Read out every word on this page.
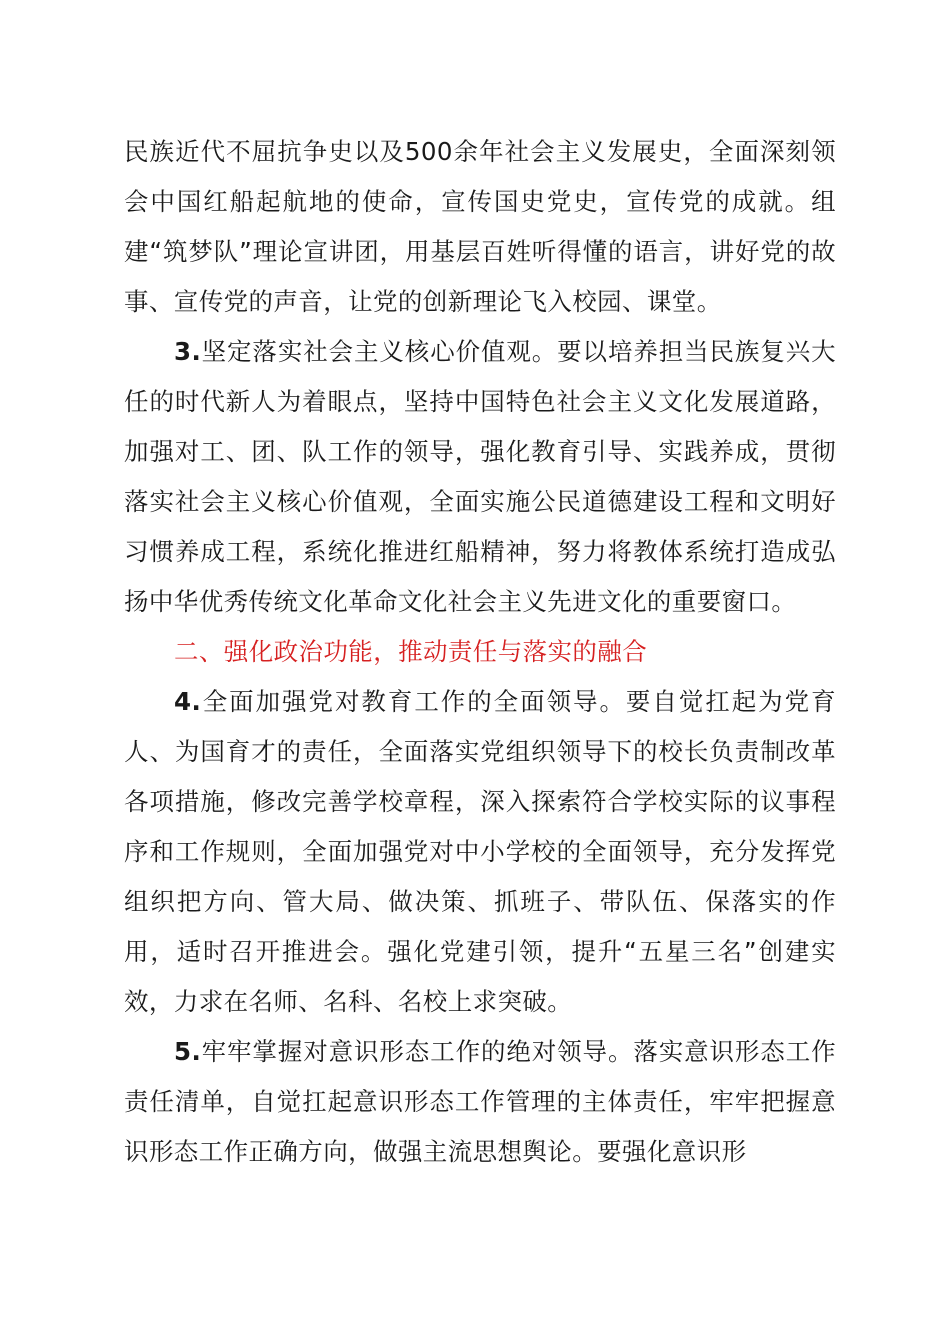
民族近代不屈抗争史以及500余年社会主义发展史，全面深刻领会中国红船起航地的使命，宣传国史党史，宣传党的成就。组建“筑梦队”理论宣讲团，用基层百姓听得懂的语言，讲好党的故事、宣传党的声音，让党的创新理论飞入校园、课堂。

3.坚定落实社会主义核心价值观。要以培养担当民族复兴大任的时代新人为着眼点，坚持中国特色社会主义文化发展道路，加强对工、团、队工作的领导，强化教育引导、实践养成，贯彻落实社会主义核心价值观，全面实施公民道德建设工程和文明好习惯养成工程，系统化推进红船精神，努力将教体系统打造成弘扬中华优秀传统文化革命文化社会主义先进文化的重要窗口。

二、强化政治功能，推动责任与落实的融合

4.全面加强党对教育工作的全面领导。要自觉扛起为党育人、为国育才的责任，全面落实党组织领导下的校长负责制改革各项措施，修改完善学校章程，深入探索符合学校实际的议事程序和工作规则，全面加强党对中小学校的全面领导，充分发挥党组织把方向、管大局、做决策、抓班子、带队伍、保落实的作用，适时召开推进会。强化党建引领，提升“五星三名”创建实效，力求在名师、名科、名校上求突破。

5.牢牢掌握对意识形态工作的绝对领导。落实意识形态工作责任清单，自觉扛起意识形态工作管理的主体责任，牢牢把握意识形态工作正确方向，做强主流思想舆论。要强化意识形
